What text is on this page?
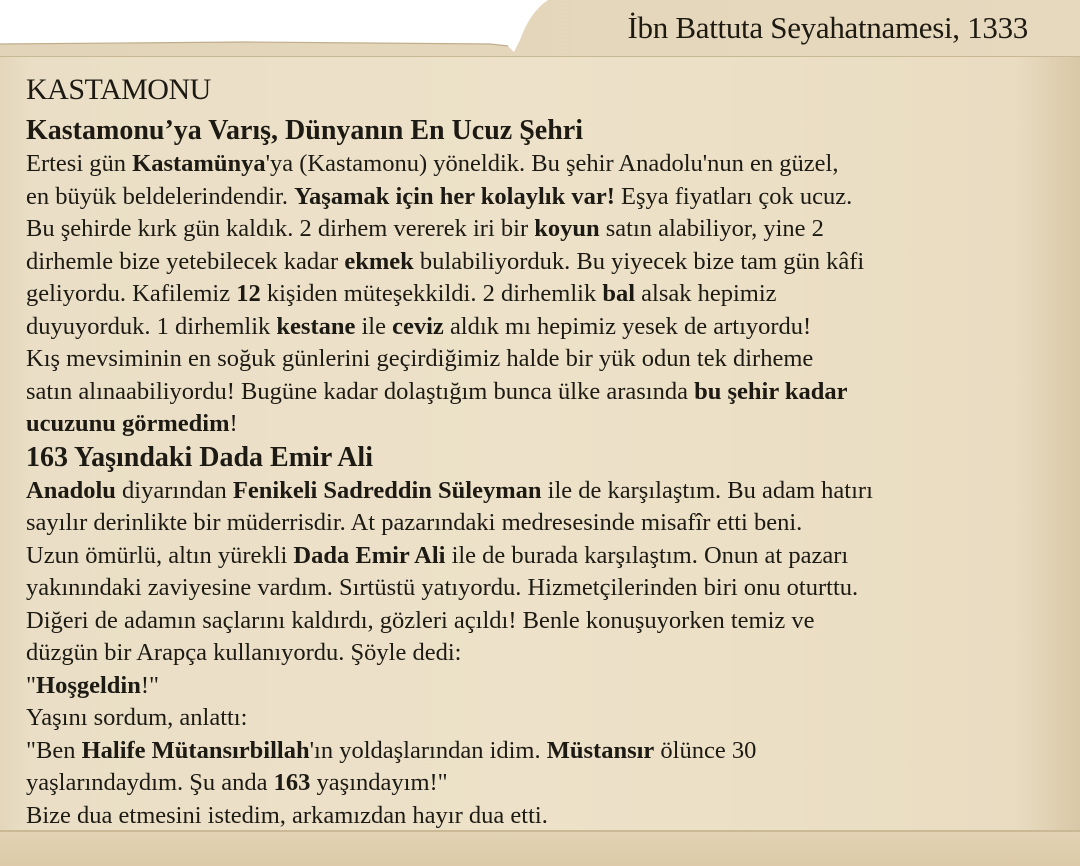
İbn Battuta Seyahatnamesi, 1333
KASTAMONU
Kastamonu’ya Varış, Dünyanın En Ucuz Şehri
Ertesi gün Kastamünya'ya (Kastamonu) yöneldik. Bu şehir Anadolu'nun en güzel,
en büyük beldelerindendir. Yaşamak için her kolaylık var! Eşya fiyatları çok ucuz.
Bu şehirde kırk gün kaldık. 2 dirhem vererek iri bir koyun satın alabiliyor, yine 2
dirhemle bize yetebilecek kadar ekmek bulabiliyorduk. Bu yiyecek bize tam gün kâfi
geliyordu. Kafilemiz 12 kişiden müteşekkildi. 2 dirhemlik bal alsak hepimiz
duyuyorduk. 1 dirhemlik kestane ile ceviz aldık mı hepimiz yesek de artıyordu!
Kış mevsiminin en soğuk günlerini geçirdiğimiz halde bir yük odun tek dirheme
satın alınaabiliyordu! Bugüne kadar dolaştığım bunca ülke arasında bu şehir kadar
ucuzunu görmedim!
163 Yaşındaki Dada Emir Ali
Anadolu diyarından Fenikeli Sadreddin Süleyman ile de karşılaştım. Bu adam hatırı
sayılır derinlikte bir müderrisdir. At pazarındaki medresesinde misafîr etti beni.
Uzun ömürlü, altın yürekli Dada Emir Ali ile de burada karşılaştım. Onun at pazarı
yakınındaki zaviyesine vardım. Sırtüstü yatıyordu. Hizmetçilerinden biri onu oturttu.
Diğeri de adamın saçlarını kaldırdı, gözleri açıldı! Benle konuşuyorken temiz ve
düzgün bir Arapça kullanıyordu. Şöyle dedi:
"Hoşgeldin!"
Yaşını sordum, anlattı:
"Ben Halife Mütansırbillah'ın yoldaşlarından idim. Müstansır ölünce 30
yaşlarındaydım. Şu anda 163 yaşındayım!"
Bize dua etmesini istedim, arkamızdan hayır dua etti.
